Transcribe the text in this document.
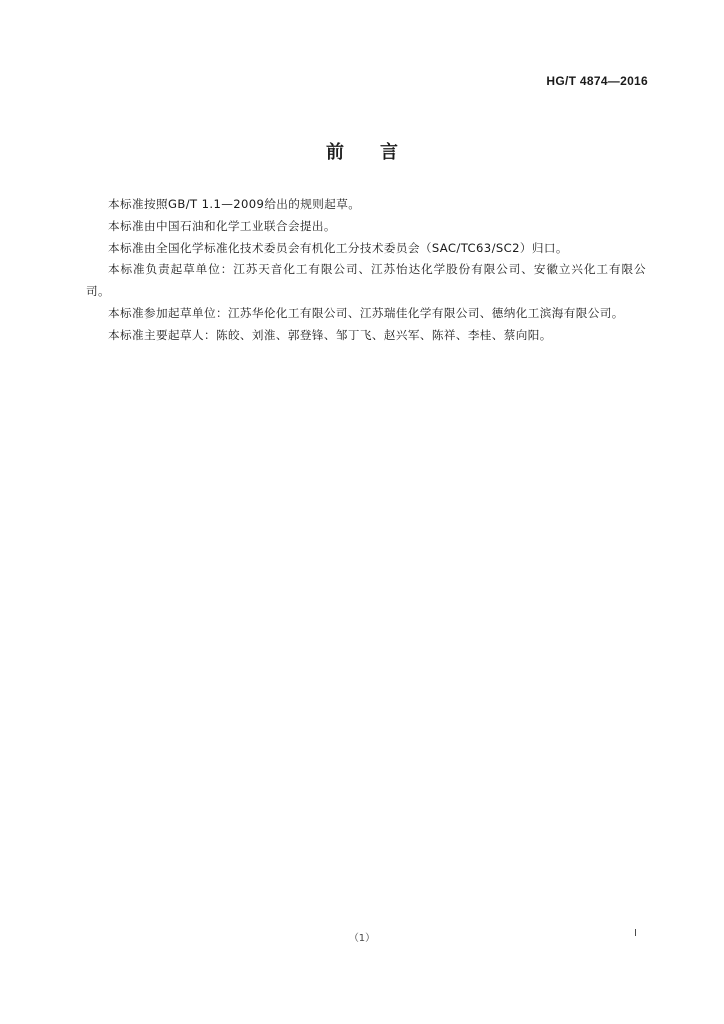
HG/T 4874—2016
前言

本标准按照GB/T 1.1—2009给出的规则起草。

本标准由中国石油和化学工业联合会提出。

本标准由全国化学标准化技术委员会有机化工分技术委员会（SAC/TC63/SC2）归口。

本标准负责起草单位：江苏天音化工有限公司、江苏怡达化学股份有限公司、安徽立兴化工有限公司。

本标准参加起草单位：江苏华伦化工有限公司、江苏瑞佳化学有限公司、德纳化工滨海有限公司。

本标准主要起草人：陈皎、刘淮、郭登锋、邹丁飞、赵兴军、陈祥、李桂、蔡向阳。

（1）	I
